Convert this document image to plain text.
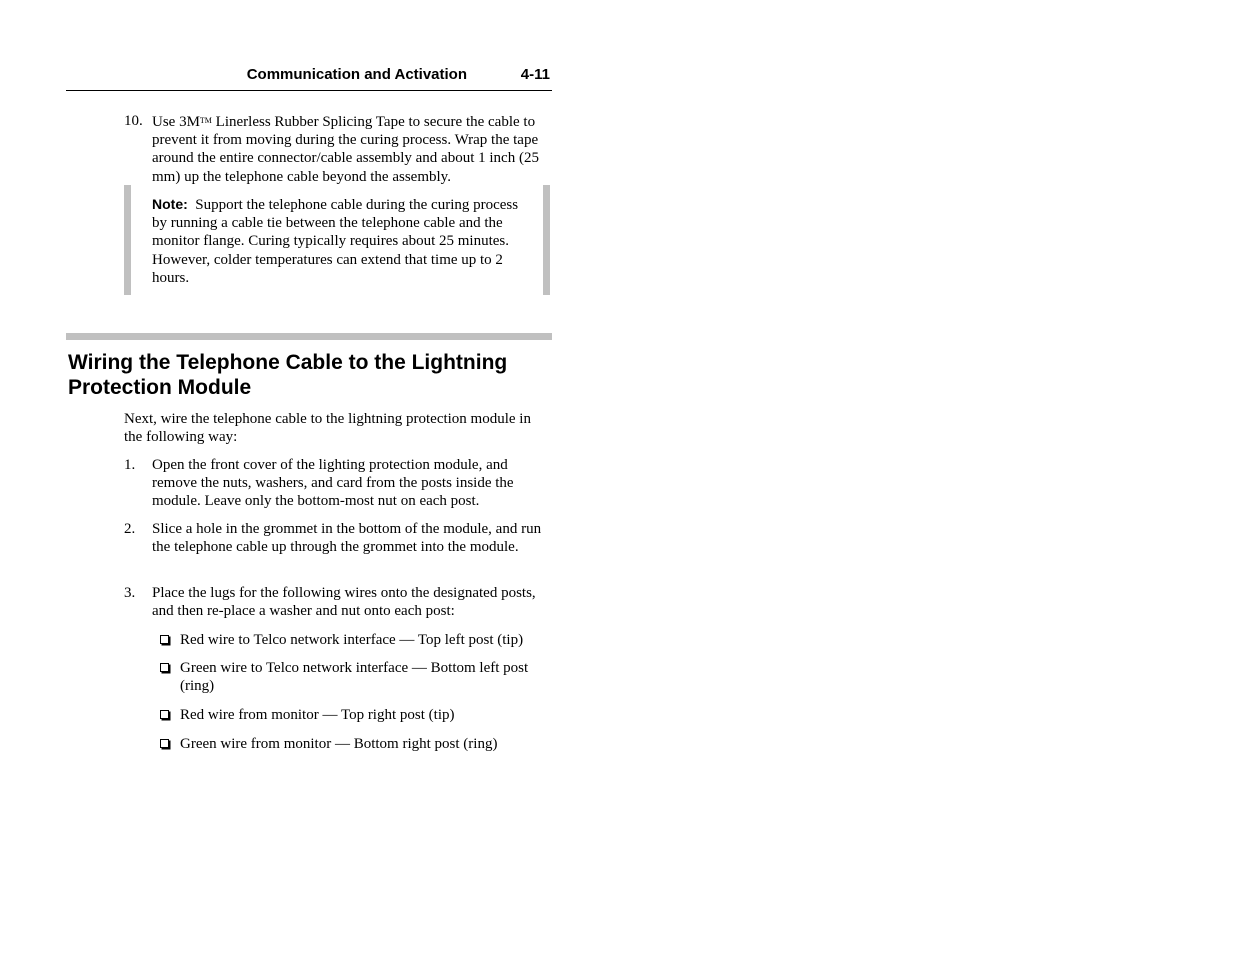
Communication and Activation	4-11
10. Use 3M™ Linerless Rubber Splicing Tape to secure the cable to prevent it from moving during the curing process. Wrap the tape around the entire connector/cable assembly and about 1 inch (25 mm) up the telephone cable beyond the assembly.
Note: Support the telephone cable during the curing process by running a cable tie between the telephone cable and the monitor flange. Curing typically requires about 25 minutes. However, colder temperatures can extend that time up to 2 hours.
Wiring the Telephone Cable to the Lightning Protection Module
Next, wire the telephone cable to the lightning protection module in the following way:
1. Open the front cover of the lighting protection module, and remove the nuts, washers, and card from the posts inside the module. Leave only the bottom-most nut on each post.
2. Slice a hole in the grommet in the bottom of the module, and run the telephone cable up through the grommet into the module.
3. Place the lugs for the following wires onto the designated posts, and then re-place a washer and nut onto each post:
Red wire to Telco network interface — Top left post (tip)
Green wire to Telco network interface — Bottom left post (ring)
Red wire from monitor — Top right post (tip)
Green wire from monitor — Bottom right post (ring)
